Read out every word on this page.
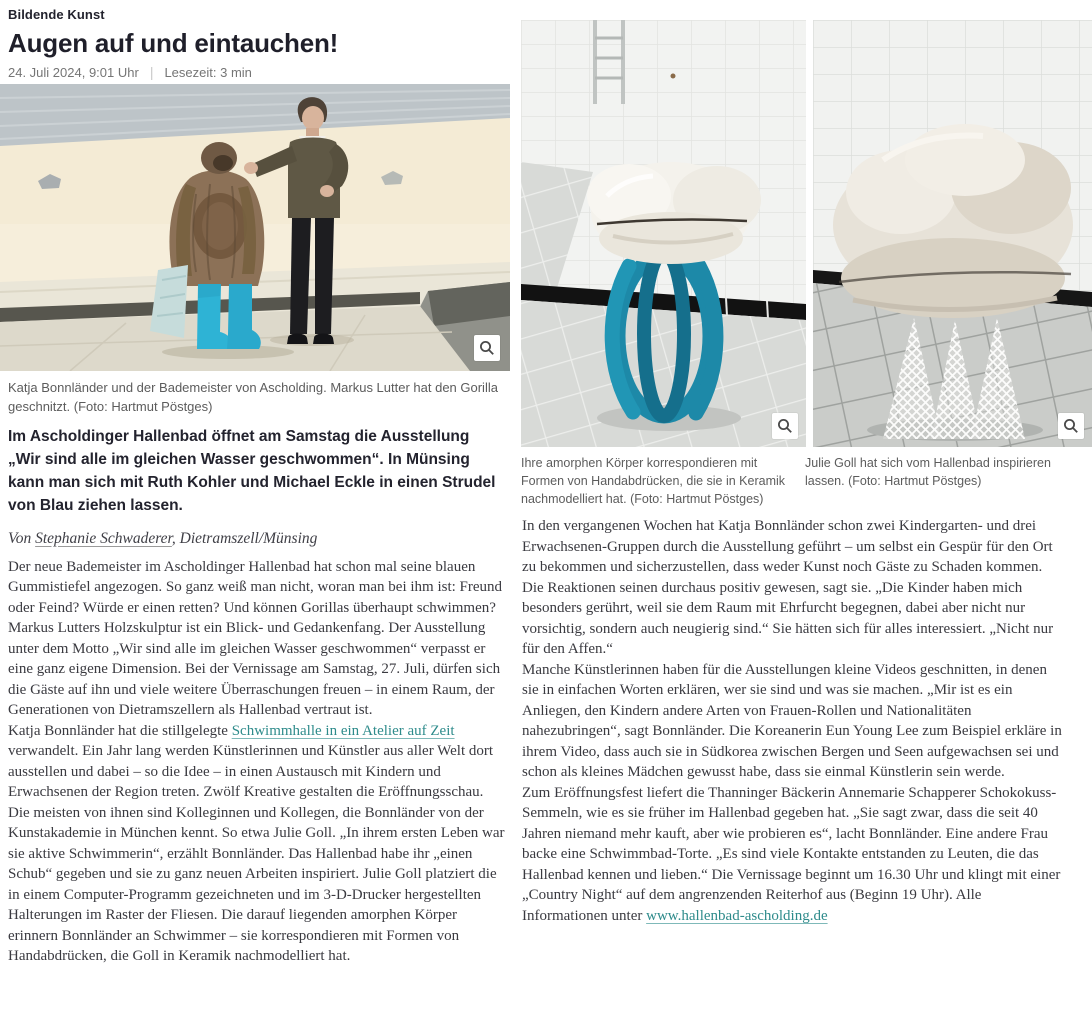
Bildende Kunst
Augen auf und eintauchen!
24. Juli 2024, 9:01 Uhr | Lesezeit: 3 min
Katja Bonnländer und der Bademeister von Ascholding. Markus Lutter hat den Gorilla geschnitzt. (Foto: Hartmut Pöstges)

Im Ascholdinger Hallenbad öffnet am Samstag die Ausstellung „Wir sind alle im gleichen Wasser geschwommen“. In Münsing kann man sich mit Ruth Kohler und Michael Eckle in einen Strudel von Blau ziehen lassen.

Von Stephanie Schwaderer, Dietramszell/Münsing

Der neue Bademeister im Ascholdinger Hallenbad hat schon mal seine blauen Gummistiefel angezogen. So ganz weiß man nicht, woran man bei ihm ist: Freund oder Feind? Würde er einen retten? Und können Gorillas überhaupt schwimmen? Markus Lutters Holzskulptur ist ein Blick- und Gedankenfang. Der Ausstellung unter dem Motto „Wir sind alle im gleichen Wasser geschwommen“ verpasst er eine ganz eigene Dimension. Bei der Vernissage am Samstag, 27. Juli, dürfen sich die Gäste auf ihn und viele weitere Überraschungen freuen – in einem Raum, der Generationen von Dietramszellern als Hallenbad vertraut ist.

Katja Bonnländer hat die stillgelegte Schwimmhalle in ein Atelier auf Zeit verwandelt. Ein Jahr lang werden Künstlerinnen und Künstler aus aller Welt dort ausstellen und dabei – so die Idee – in einen Austausch mit Kindern und Erwachsenen der Region treten. Zwölf Kreative gestalten die Eröffnungsschau. Die meisten von ihnen sind Kolleginnen und Kollegen, die Bonnländer von der Kunstakademie in München kennt. So etwa Julie Goll. „In ihrem ersten Leben war sie aktive Schwimmerin“, erzählt Bonnländer. Das Hallenbad habe ihr „einen Schub“ gegeben und sie zu ganz neuen Arbeiten inspiriert. Julie Goll platziert die in einem Computer-Programm gezeichneten und im 3-D-Drucker hergestellten Halterungen im Raster der Fliesen. Die darauf liegenden amorphen Körper erinnern Bonnländer an Schwimmer – sie korrespondieren mit Formen von Handabdrücken, die Goll in Keramik nachmodelliert hat.

Ihre amorphen Körper korrespondieren mit Formen von Handabdrücken, die sie in Keramik nachmodelliert hat. (Foto: Hartmut Pöstges)
Julie Goll hat sich vom Hallenbad inspirieren lassen. (Foto: Hartmut Pöstges)

In den vergangenen Wochen hat Katja Bonnländer schon zwei Kindergarten- und drei Erwachsenen-Gruppen durch die Ausstellung geführt – um selbst ein Gespür für den Ort zu bekommen und sicherzustellen, dass weder Kunst noch Gäste zu Schaden kommen. Die Reaktionen seinen durchaus positiv gewesen, sagt sie. „Die Kinder haben mich besonders gerührt, weil sie dem Raum mit Ehrfurcht begegnen, dabei aber nicht nur vorsichtig, sondern auch neugierig sind.“ Sie hätten sich für alles interessiert. „Nicht nur für den Affen.“

Manche Künstlerinnen haben für die Ausstellungen kleine Videos geschnitten, in denen sie in einfachen Worten erklären, wer sie sind und was sie machen. „Mir ist es ein Anliegen, den Kindern andere Arten von Frauen-Rollen und Nationalitäten nahezubringen“, sagt Bonnländer. Die Koreanerin Eun Young Lee zum Beispiel erkläre in ihrem Video, dass auch sie in Südkorea zwischen Bergen und Seen aufgewachsen sei und schon als kleines Mädchen gewusst habe, dass sie einmal Künstlerin sein werde.

Zum Eröffnungsfest liefert die Thanninger Bäckerin Annemarie Schapperer Schokokuss-Semmeln, wie es sie früher im Hallenbad gegeben hat. „Sie sagt zwar, dass die seit 40 Jahren niemand mehr kauft, aber wie probieren es“, lacht Bonnländer. Eine andere Frau backe eine Schwimmbad-Torte. „Es sind viele Kontakte entstanden zu Leuten, die das Hallenbad kennen und lieben.“ Die Vernissage beginnt um 16.30 Uhr und klingt mit einer „Country Night“ auf dem angrenzenden Reiterhof aus (Beginn 19 Uhr). Alle Informationen unter www.hallenbad-ascholding.de
